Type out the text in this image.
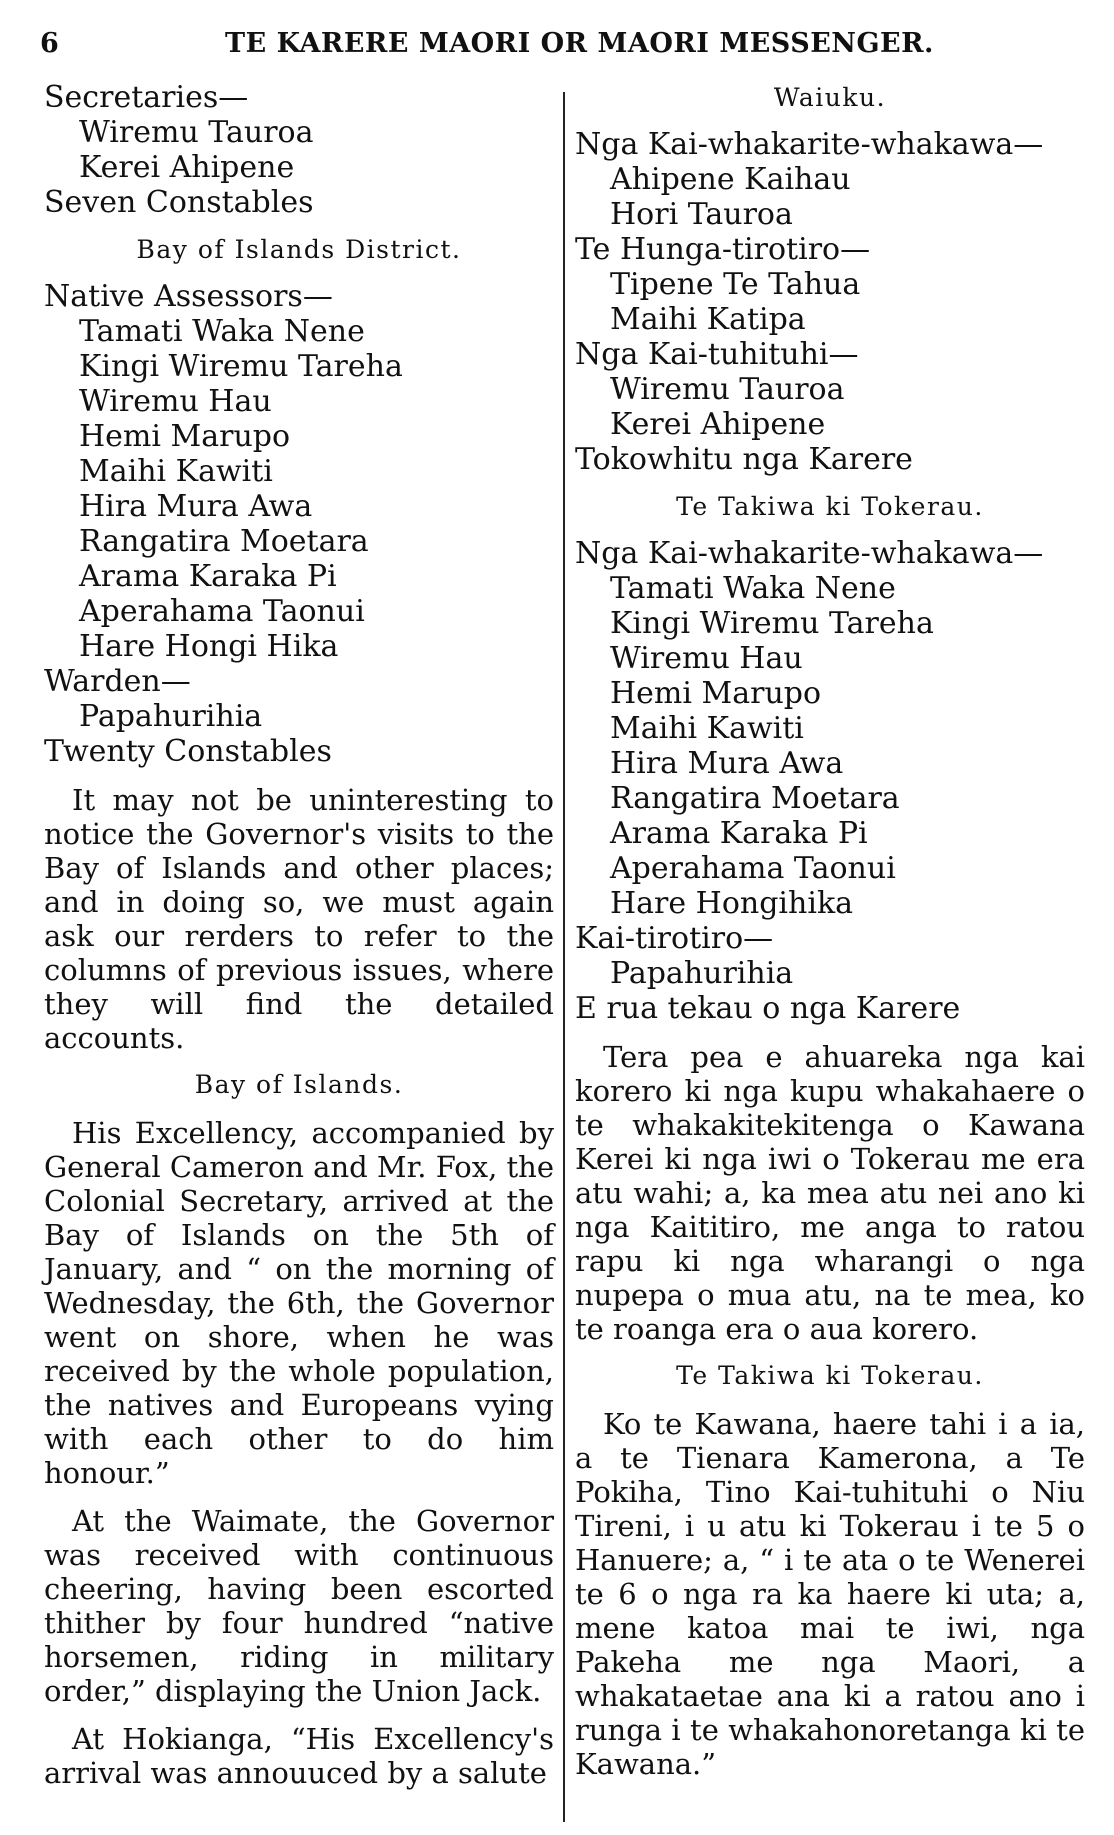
6	TE KARERE MAORI OR MAORI MESSENGER.
Secretaries—
Wiremu Tauroa
Kerei Ahipene
Seven Constables
Bay of Islands District.
Native Assessors—
Tamati Waka Nene
Kingi Wiremu Tareha
Wiremu Hau
Hemi Marupo
Maihi Kawiti
Hira Mura Awa
Rangatira Moetara
Arama Karaka Pi
Aperahama Taonui
Hare Hongi Hika
Warden—
Papahurihia
Twenty Constables
It may not be uninteresting to notice the Governor's visits to the Bay of Islands and other places; and in doing so, we must again ask our rerders to refer to the columns of previous issues, where they will find the detailed accounts.
Bay of Islands.
His Excellency, accompanied by General Cameron and Mr. Fox, the Colonial Secretary, arrived at the Bay of Islands on the 5th of January, and “ on the morning of Wednesday, the 6th, the Governor went on shore, when he was received by the whole population, the natives and Europeans vying with each other to do him honour.”
At the Waimate, the Governor was received with continuous cheering, having been escorted thither by four hundred “native horsemen, riding in military order,” displaying the Union Jack.
At Hokianga, “His Excellency's arrival was annouuced by a salute
Waiuku.
Nga Kai-whakarite-whakawa—
Ahipene Kaihau
Hori Tauroa
Te Hunga-tirotiro—
Tipene Te Tahua
Maihi Katipa
Nga Kai-tuhituhi—
Wiremu Tauroa
Kerei Ahipene
Tokowhitu nga Karere
Te Takiwa ki Tokerau.
Nga Kai-whakarite-whakawa—
Tamati Waka Nene
Kingi Wiremu Tareha
Wiremu Hau
Hemi Marupo
Maihi Kawiti
Hira Mura Awa
Rangatira Moetara
Arama Karaka Pi
Aperahama Taonui
Hare Hongihika
Kai-tirotiro—
Papahurihia
E rua tekau o nga Karere
Tera pea e ahuareka nga kai korero ki nga kupu whakahaere o te whakakitekitenga o Kawana Kerei ki nga iwi o Tokerau me era atu wahi; a, ka mea atu nei ano ki nga Kaititiro, me anga to ratou rapu ki nga wharangi o nga nupepa o mua atu, na te mea, ko te roanga era o aua korero.
Te Takiwa ki Tokerau.
Ko te Kawana, haere tahi i a ia, a te Tienara Kamerona, a Te Pokiha, Tino Kai-tuhituhi o Niu Tireni, i u atu ki Tokerau i te 5 o Hanuere; a, “ i te ata o te Wenerei te 6 o nga ra ka haere ki uta; a, mene katoa mai te iwi, nga Pakeha me nga Maori, a whakataetae ana ki a ratou ano i runga i te whakahonoretanga ki te Kawana.”
